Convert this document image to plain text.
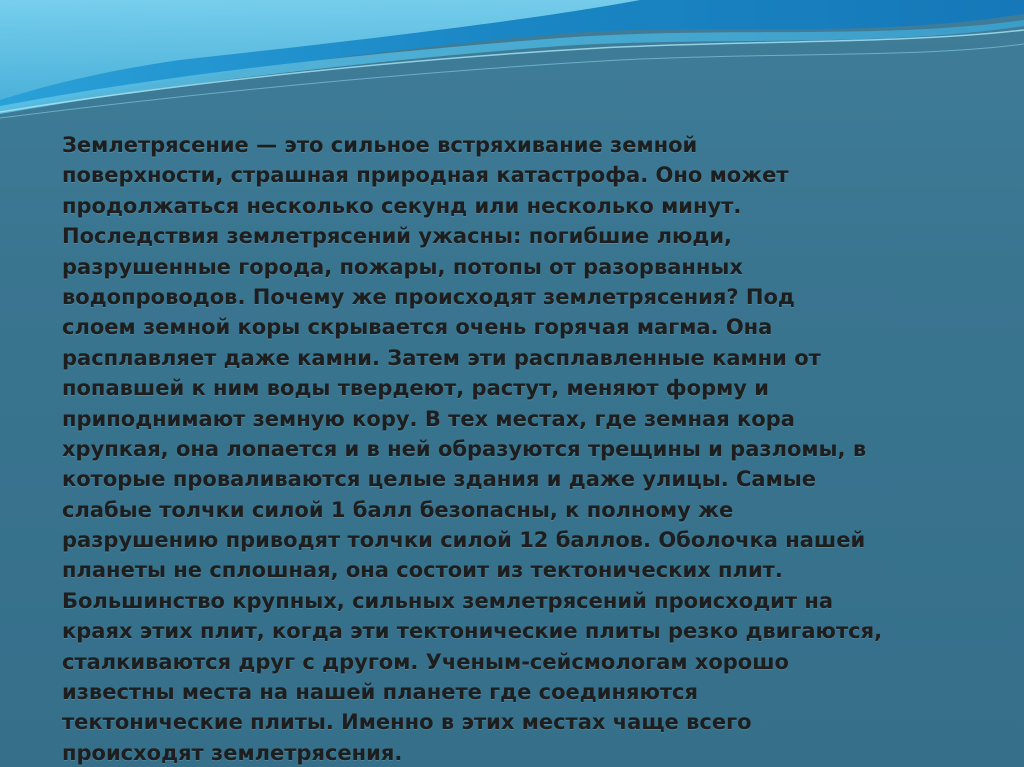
Землетрясение — это сильное встряхивание земной
поверхности, страшная природная катастрофа. Оно может
продолжаться несколько секунд или несколько минут.
Последствия землетрясений ужасны: погибшие люди,
разрушенные города, пожары, потопы от разорванных
водопроводов. Почему же происходят землетрясения? Под
слоем земной коры скрывается очень горячая магма. Она
расплавляет даже камни. Затем эти расплавленные камни от
попавшей к ним воды твердеют, растут, меняют форму и
приподнимают земную кору. В тех местах, где земная кора
хрупкая, она лопается и в ней образуются трещины и разломы, в
которые проваливаются целые здания и даже улицы. Самые
слабые толчки силой 1 балл безопасны, к полному же
разрушению приводят толчки силой 12 баллов. Оболочка нашей
планеты не сплошная, она состоит из тектонических плит.
Большинство крупных, сильных землетрясений происходит на
краях этих плит, когда эти тектонические плиты резко двигаются,
сталкиваются друг с другом. Ученым-сейсмологам хорошо
известны места на нашей планете где соединяются
тектонические плиты. Именно в этих местах чаще всего
происходят землетрясения.
